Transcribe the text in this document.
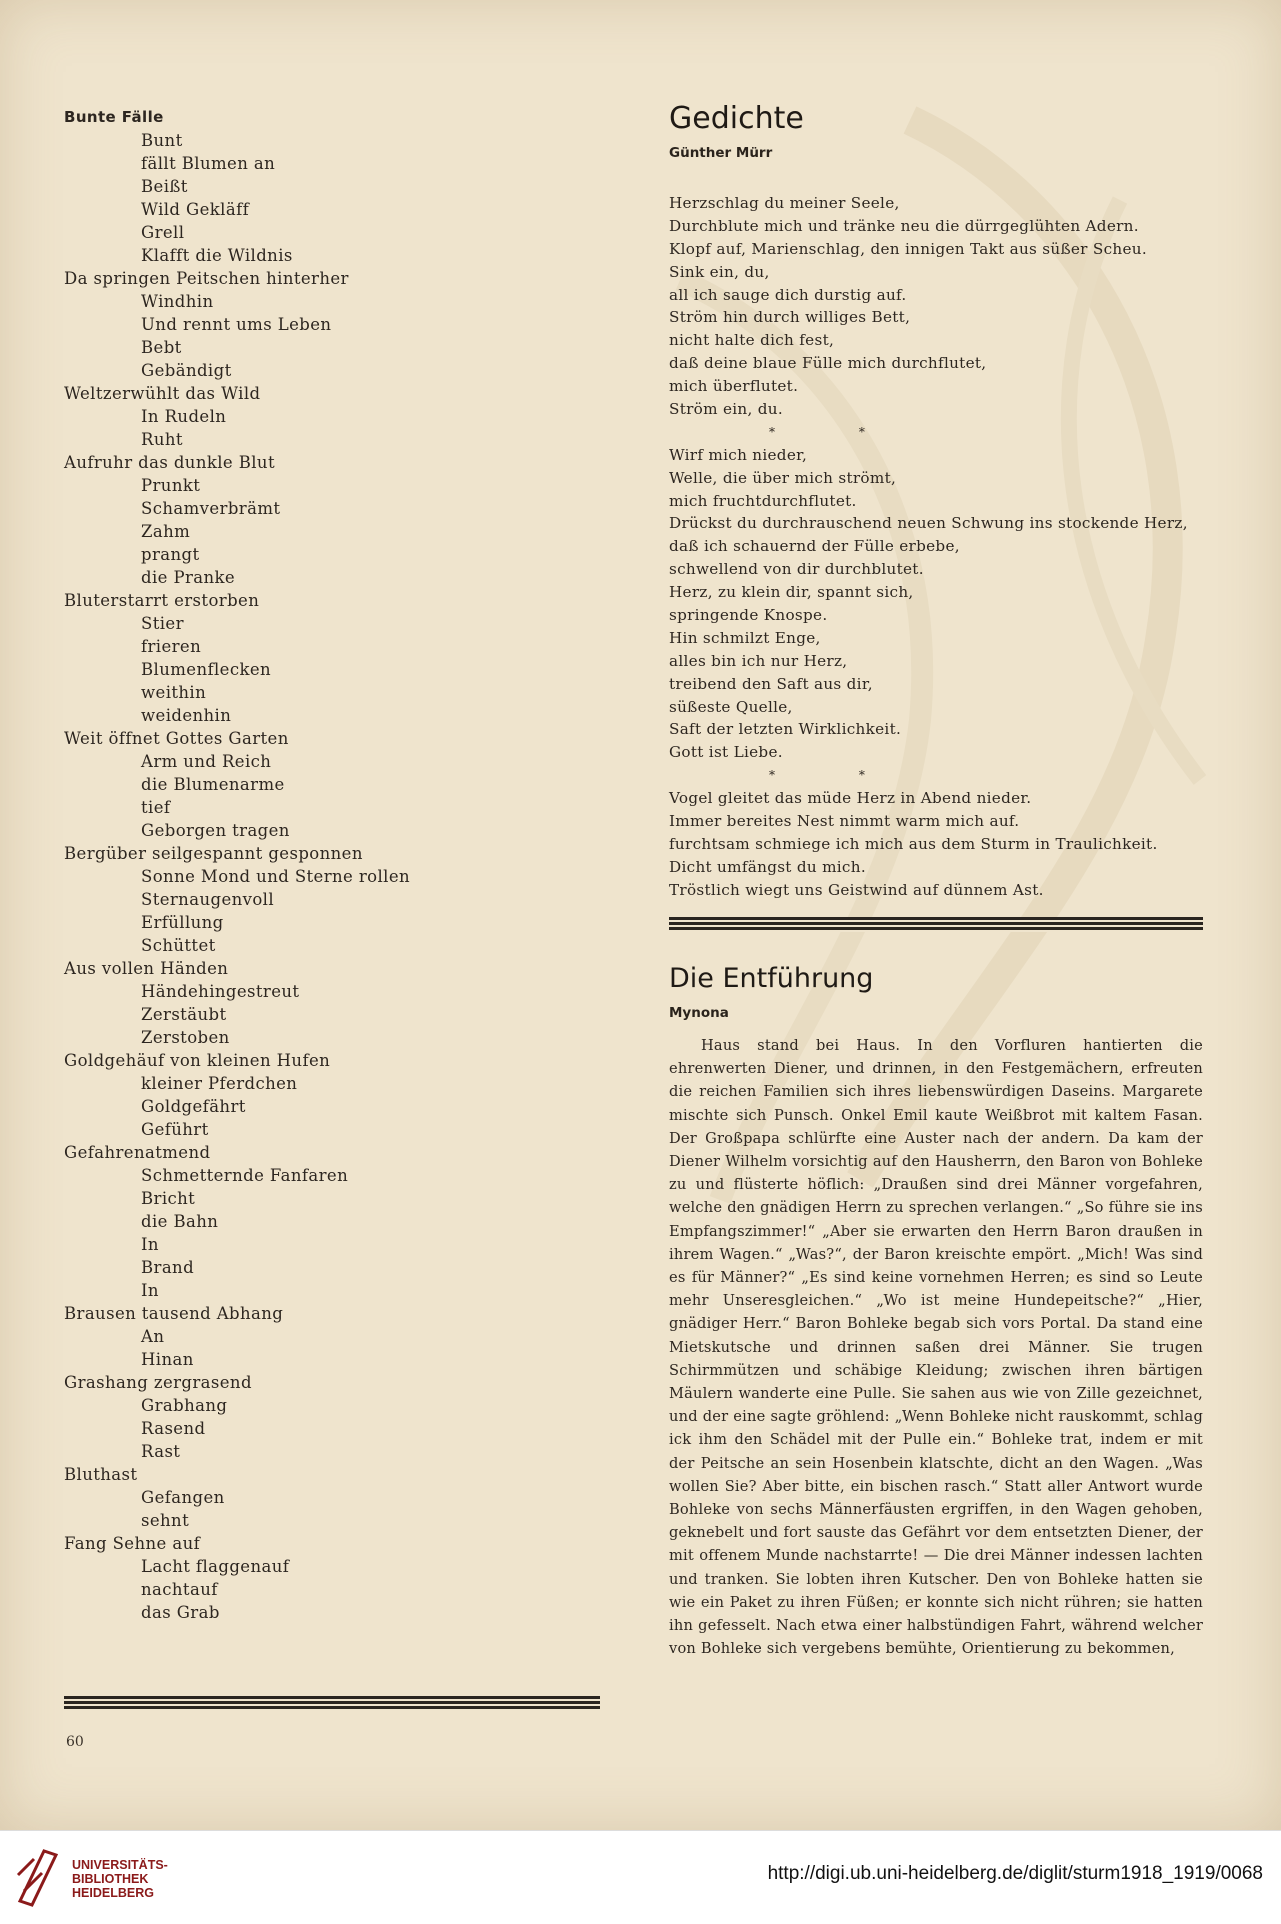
Bunte Fälle
Bunt
fällt Blumen an
Beißt
Wild Gekläff
Grell
Klafft die Wildnis
Da springen Peitschen hinterher
Windhin
Und rennt ums Leben
Bebt
Gebändigt
Weltzerwühlt das Wild
In Rudeln
Ruht
Aufruhr das dunkle Blut
Prunkt
Schamverbrämt
Zahm
prangt
die Pranke
Bluterstarrt erstorben
Stier
frieren
Blumenflecken
weithin
weidenhin
Weit öffnet Gottes Garten
Arm und Reich
die Blumenarme
tief
Geborgen tragen
Bergüber seilgespannt gesponnen
Sonne Mond und Sterne rollen
Sternaugenvoll
Erfüllung
Schüttet
Aus vollen Händen
Händehingestreut
Zerstäubt
Zerstoben
Goldgehäuf von kleinen Hufen
kleiner Pferdchen
Goldgefährt
Geführt
Gefahrenatmend
Schmetternde Fanfaren
Bricht
die Bahn
In
Brand
In
Brausen tausend Abhang
An
Hinan
Grashang zergrasend
Grabhang
Rasend
Rast
Bluthast
Gefangen
sehnt
Fang Sehne auf
Lacht flaggenauf
nachtauf
das Grab
60
Gedichte
Günther Mürr
Herzschlag du meiner Seele,
Durchblute mich und tränke neu die dürrgeglühten Adern.
Klopf auf, Marienschlag, den innigen Takt aus süßer Scheu.
Sink ein, du,
all ich sauge dich durstig auf.
Ström hin durch williges Bett,
nicht halte dich fest,
daß deine blaue Fülle mich durchflutet,
mich überflutet.
Ström ein, du.
* *
Wirf mich nieder,
Welle, die über mich strömt,
mich fruchtdurchflutet.
Drückst du durchrauschend neuen Schwung ins stockende Herz,
daß ich schauernd der Fülle erbebe,
schwellend von dir durchblutet.
Herz, zu klein dir, spannt sich,
springende Knospe.
Hin schmilzt Enge,
alles bin ich nur Herz,
treibend den Saft aus dir,
süßeste Quelle,
Saft der letzten Wirklichkeit.
Gott ist Liebe.
* *
Vogel gleitet das müde Herz in Abend nieder.
Immer bereites Nest nimmt warm mich auf.
furchtsam schmiege ich mich aus dem Sturm in Traulichkeit.
Dicht umfängst du mich.
Tröstlich wiegt uns Geistwind auf dünnem Ast.
Die Entführung
Mynona
Haus stand bei Haus. In den Vorfluren hantierten die ehrenwerten Diener, und drinnen, in den Festgemächern, erfreuten die reichen Familien sich ihres liebenswürdigen Daseins. Margarete mischte sich Punsch. Onkel Emil kaute Weißbrot mit kaltem Fasan. Der Großpapa schlürfte eine Auster nach der andern. Da kam der Diener Wilhelm vorsichtig auf den Hausherrn, den Baron von Bohleke zu und flüsterte höflich: „Draußen sind drei Männer vorgefahren, welche den gnädigen Herrn zu sprechen verlangen.“ „So führe sie ins Empfangszimmer!“ „Aber sie erwarten den Herrn Baron draußen in ihrem Wagen.“ „Was?“, der Baron kreischte empört. „Mich! Was sind es für Männer?“ „Es sind keine vornehmen Herren; es sind so Leute mehr Unseresgleichen.“ „Wo ist meine Hundepeitsche?“ „Hier, gnädiger Herr.“ Baron Bohleke begab sich vors Portal. Da stand eine Mietskutsche und drinnen saßen drei Männer. Sie trugen Schirmmützen und schäbige Kleidung; zwischen ihren bärtigen Mäulern wanderte eine Pulle. Sie sahen aus wie von Zille gezeichnet, und der eine sagte gröhlend: „Wenn Bohleke nicht rauskommt, schlag ick ihm den Schädel mit der Pulle ein.“ Bohleke trat, indem er mit der Peitsche an sein Hosenbein klatschte, dicht an den Wagen. „Was wollen Sie? Aber bitte, ein bischen rasch.“ Statt aller Antwort wurde Bohleke von sechs Männerfäusten ergriffen, in den Wagen gehoben, geknebelt und fort sauste das Gefährt vor dem entsetzten Diener, der mit offenem Munde nachstarrte! — Die drei Männer indessen lachten und tranken. Sie lobten ihren Kutscher. Den von Bohleke hatten sie wie ein Paket zu ihren Füßen; er konnte sich nicht rühren; sie hatten ihn gefesselt. Nach etwa einer halbstündigen Fahrt, während welcher von Bohleke sich vergebens bemühte, Orientierung zu bekommen,
UNIVERSITÄTS-
BIBLIOTHEK
HEIDELBERG
http://digi.ub.uni-heidelberg.de/diglit/sturm1918_1919/0068
